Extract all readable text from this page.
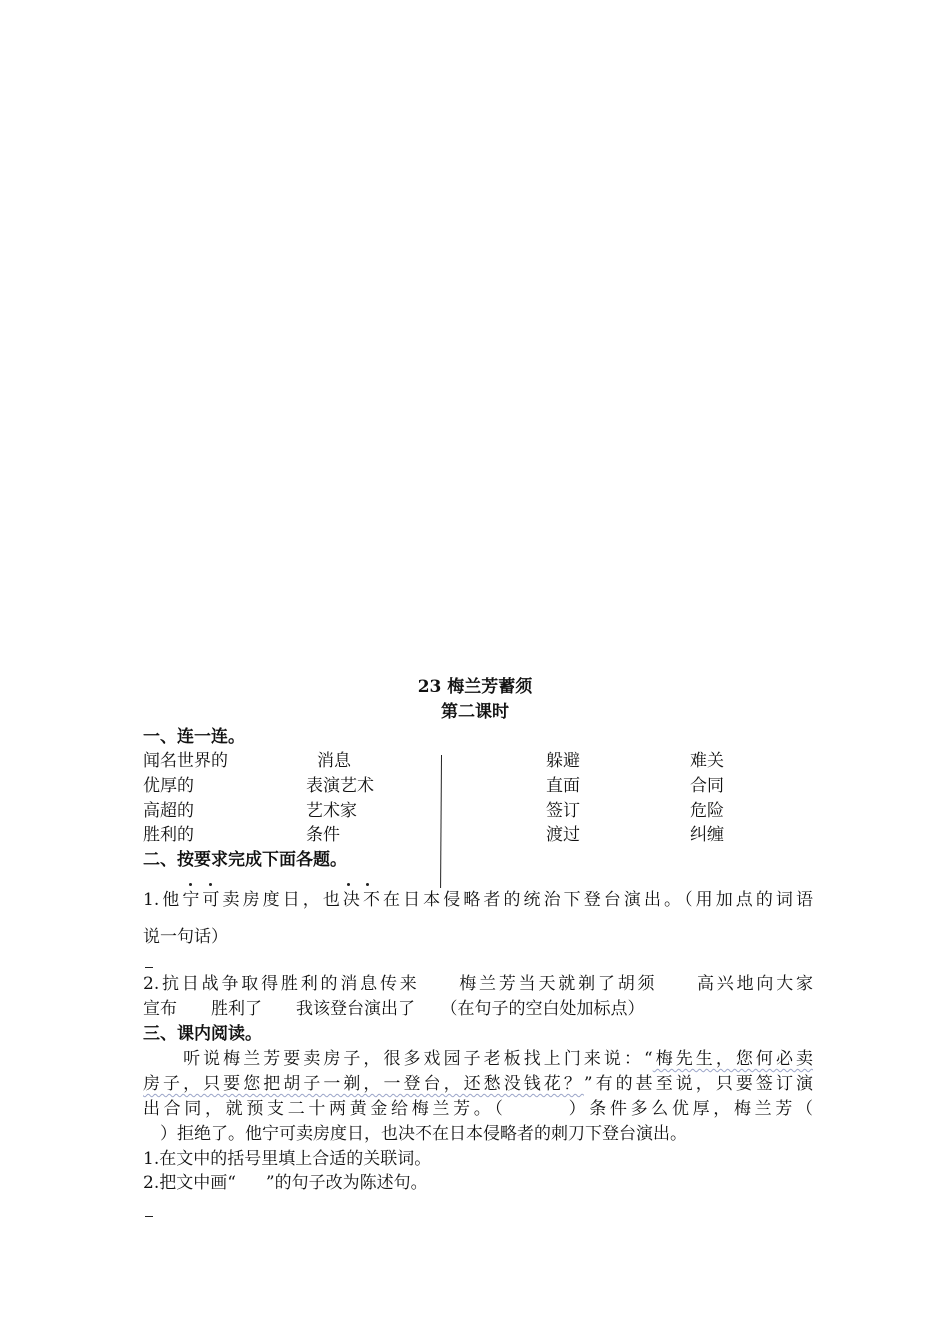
23 梅兰芳蓄须
第二课时
一、连一连。
闻名世界的
优厚的
高超的
胜利的
消息
表演艺术
艺术家
条件
躲避
直面
签订
渡过
难关
合同
危险
纠缠
二、按要求完成下面各题。
1.他宁可卖房度日，也决不在日本侵略者的统治下登台演出。（用加点的词语
说一句话）
2.抗日战争取得胜利的消息传来　　梅兰芳当天就剃了胡须　　高兴地向大家
宣布　　胜利了　　我该登台演出了　　（在句子的空白处加标点）
三、课内阅读。
　　听说梅兰芳要卖房子，很多戏园子老板找上门来说：“梅先生，您何必卖
房子，只要您把胡子一剃，一登台，还愁没钱花？”有的甚至说，只要签订演
出合同，就预支二十两黄金给梅兰芳。（　　　）条件多么优厚，梅兰芳（
　）拒绝了。他宁可卖房度日，也决不在日本侵略者的刺刀下登台演出。
1.在文中的括号里填上合适的关联词。
2.把文中画“ ”的句子改为陈述句。
